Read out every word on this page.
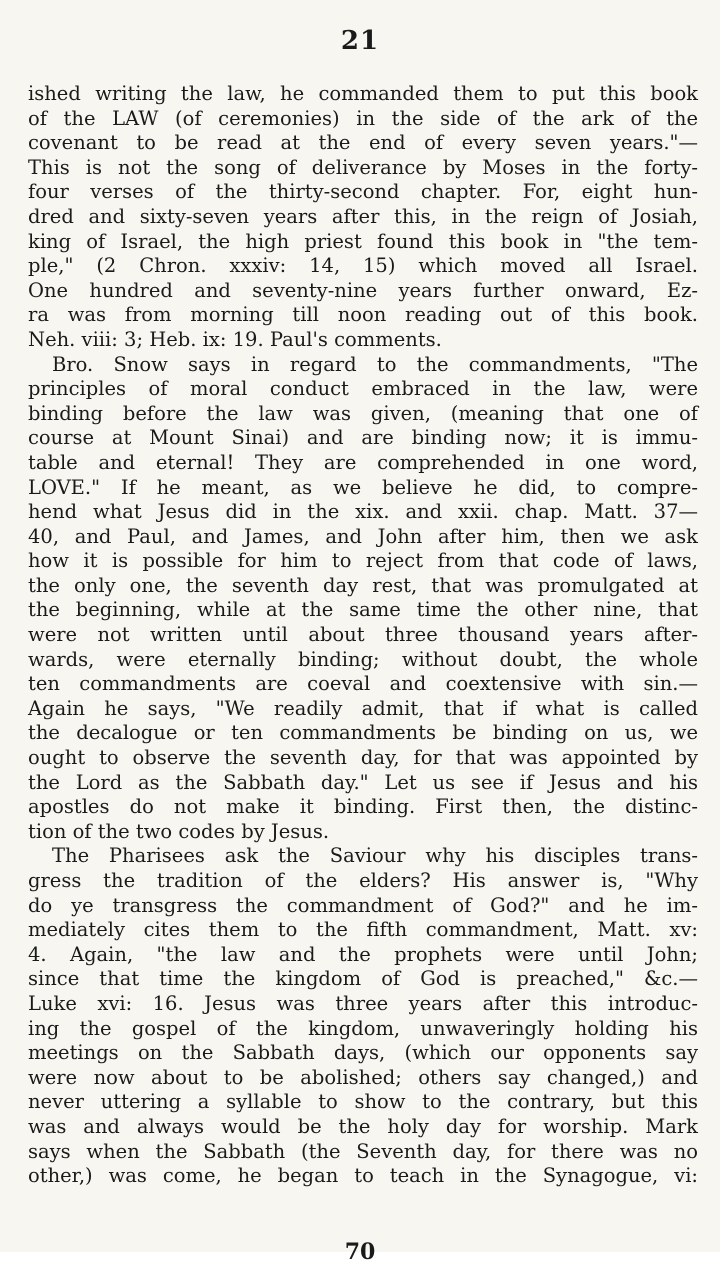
21
ished writing the law, he commanded them to put this book
of the LAW (of ceremonies) in the side of the ark of the
covenant to be read at the end of every seven years."—
This is not the song of deliverance by Moses in the forty-
four verses of the thirty-second chapter. For, eight hun-
dred and sixty-seven years after this, in the reign of Josiah,
king of Israel, the high priest found this book in "the tem-
ple," (2 Chron. xxxiv: 14, 15) which moved all Israel.
One hundred and seventy-nine years further onward, Ez-
ra was from morning till noon reading out of this book.
Neh. viii: 3; Heb. ix: 19. Paul's comments.
Bro. Snow says in regard to the commandments, "The
principles of moral conduct embraced in the law, were
binding before the law was given, (meaning that one of
course at Mount Sinai) and are binding now; it is immu-
table and eternal! They are comprehended in one word,
LOVE." If he meant, as we believe he did, to compre-
hend what Jesus did in the xix. and xxii. chap. Matt. 37—
40, and Paul, and James, and John after him, then we ask
how it is possible for him to reject from that code of laws,
the only one, the seventh day rest, that was promulgated at
the beginning, while at the same time the other nine, that
were not written until about three thousand years after-
wards, were eternally binding; without doubt, the whole
ten commandments are coeval and coextensive with sin.—
Again he says, "We readily admit, that if what is called
the decalogue or ten commandments be binding on us, we
ought to observe the seventh day, for that was appointed by
the Lord as the Sabbath day." Let us see if Jesus and his
apostles do not make it binding. First then, the distinc-
tion of the two codes by Jesus.
The Pharisees ask the Saviour why his disciples trans-
gress the tradition of the elders? His answer is, "Why
do ye transgress the commandment of God?" and he im-
mediately cites them to the fifth commandment, Matt. xv:
4. Again, "the law and the prophets were until John;
since that time the kingdom of God is preached," &c.—
Luke xvi: 16. Jesus was three years after this introduc-
ing the gospel of the kingdom, unwaveringly holding his
meetings on the Sabbath days, (which our opponents say
were now about to be abolished; others say changed,) and
never uttering a syllable to show to the contrary, but this
was and always would be the holy day for worship. Mark
says when the Sabbath (the Seventh day, for there was no
other,) was come, he began to teach in the Synagogue, vi:
70
